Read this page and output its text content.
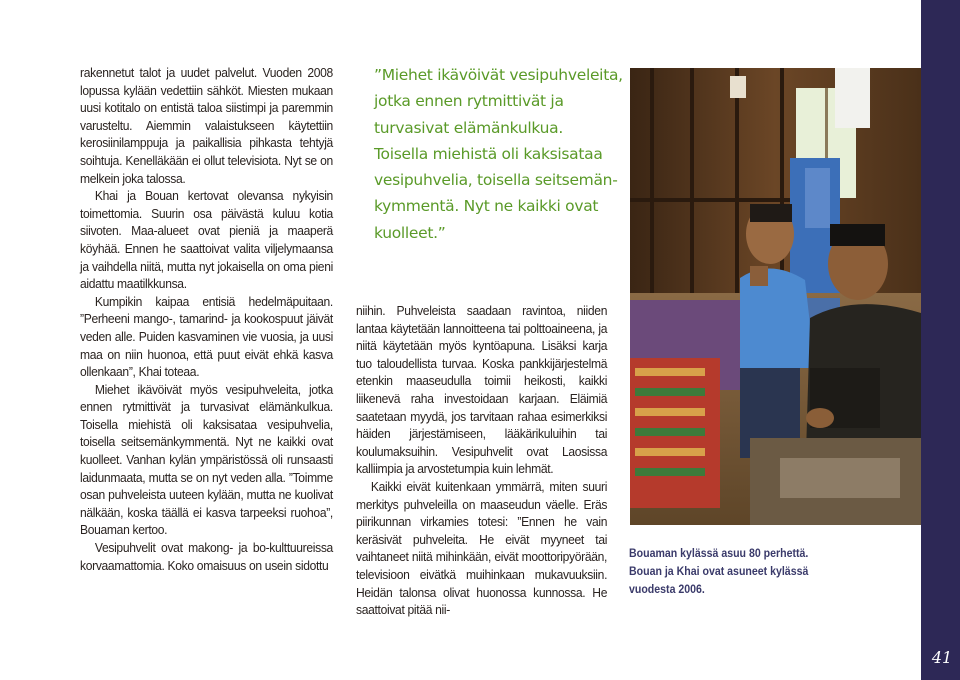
rakennetut talot ja uudet palvelut. Vuoden 2008 lopussa kylään vedettiin sähköt. Miesten mukaan uusi kotitalo on entistä taloa siistimpi ja paremmin varusteltu. Aiemmin valaistukseen käytettiin kerosiinilamppuja ja paikallisia pihkasta tehtyjä soihtuja. Kenelläkään ei ollut televisiota. Nyt se on melkein joka talossa.

Khai ja Bouan kertovat olevansa nykyisin toimettomia. Suurin osa päivästä kuluu kotia siivoten. Maa-alueet ovat pieniä ja maaperä köyhää. Ennen he saattoivat valita viljelymaansa ja vaihdella niitä, mutta nyt jokaisella on oma pieni aidattu maatilkkunsa.

Kumpikin kaipaa entisiä hedelmäpuitaan. ”Perheeni mango-, tamarind- ja kookospuut jäivät veden alle. Puiden kasvaminen vie vuosia, ja uusi maa on niin huonoa, että puut eivät ehkä kasva ollenkaan”, Khai toteaa.

Miehet ikävöivät myös vesipuhveleita, jotka ennen rytmittivät ja turvasivat elämänkulkua. Toisella miehistä oli kaksisataa vesipuhvelia, toisella seitsemänkymmentä. Nyt ne kaikki ovat kuolleet. Vanhan kylän ympäristössä oli runsaasti laidunmaata, mutta se on nyt veden alla. ”Toimme osan puhveleista uuteen kylään, mutta ne kuolivat nälkään, koska täällä ei kasva tarpeeksi ruohoa”, Bouaman kertoo.

Vesipuhvelit ovat makong- ja bo-kulttuureissa korvaamattomia. Koko omaisuus on usein sidottu

”Miehet ikävöivät vesipuhveleita,

jotka ennen rytmittivät ja

turvasivat elämänkulkua.

Toisella miehistä oli kaksisataa

vesipuhvelia, toisella seitsemän-

kymmentä. Nyt ne kaikki ovat

kuolleet.”

niihin. Puhveleista saadaan ravintoa, niiden lantaa käytetään lannoitteena tai polttoaineena, ja niitä käytetään myös kyntöapuna. Lisäksi karja tuo taloudellista turvaa. Koska pankkijärjestelmä etenkin maaseudulla toimii heikosti, kaikki liikenevä raha investoidaan karjaan. Eläimiä saatetaan myydä, jos tarvitaan rahaa esimerkiksi häiden järjestämiseen, lääkärikuluihin tai koulumaksuihin. Vesipuhvelit ovat Laosissa kalliimpia ja arvostetumpia kuin lehmät.

Kaikki eivät kuitenkaan ymmärrä, miten suuri merkitys puhveleilla on maaseudun väelle. Eräs piirikunnan virkamies totesi: ”Ennen he vain keräsivät puhveleita. He eivät myyneet tai vaihtaneet niitä mihinkään, eivät moottoripyörään, televisioon eivätkä muihinkaan mukavuuksiin. Heidän talonsa olivat huonossa kunnossa. He saattoivat pitää nii-

Bouaman kylässä asuu 80 perhettä.

Bouan ja Khai ovat asuneet kylässä

vuodesta 2006.

41
